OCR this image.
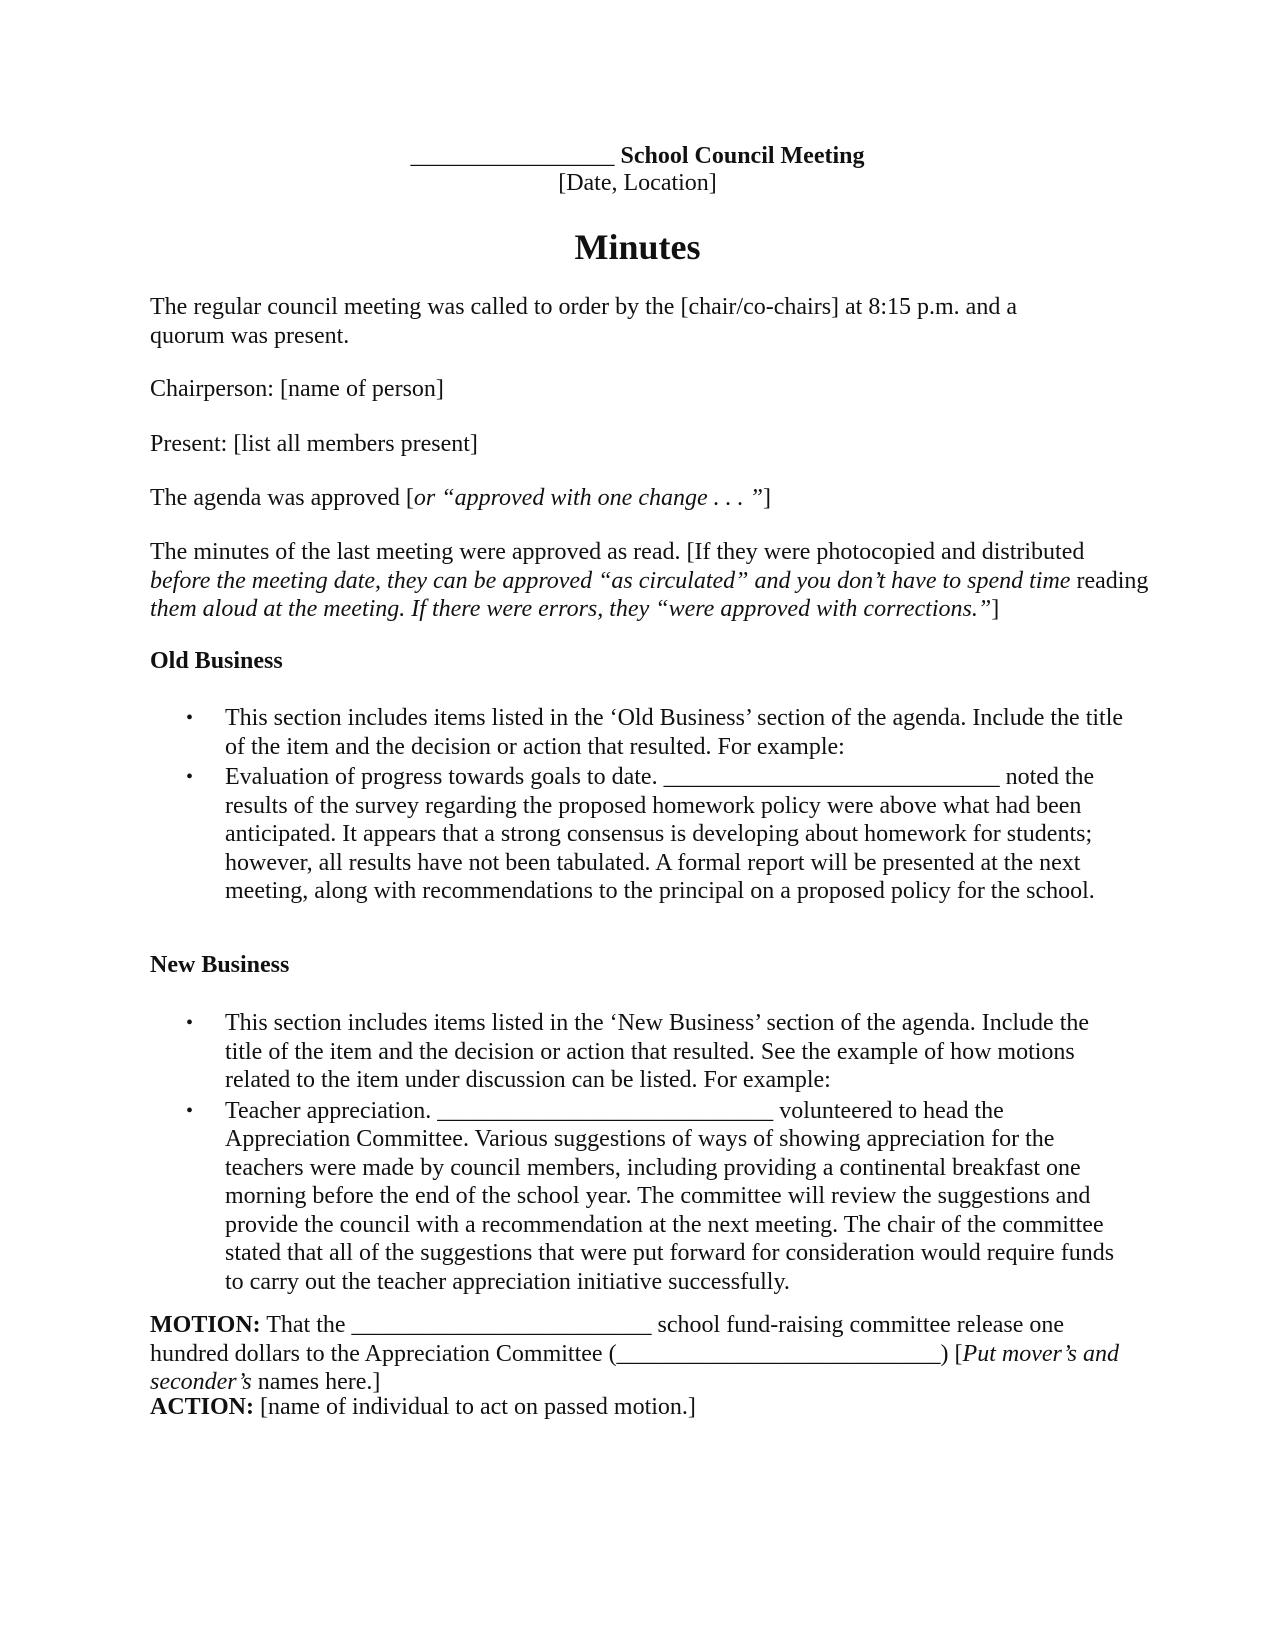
_________________ School Council Meeting

[Date, Location]

Minutes

The regular council meeting was called to order by the [chair/co-chairs] at 8:15 p.m. and a quorum was present.

Chairperson: [name of person]

Present: [list all members present]

The agenda was approved [or “approved with one change . . . ”]

The minutes of the last meeting were approved as read. [If they were photocopied and distributed before the meeting date, they can be approved “as circulated” and you don’t have to spend time reading them aloud at the meeting. If there were errors, they “were approved with corrections.”]

Old Business

• This section includes items listed in the ‘Old Business’ section of the agenda. Include the title of the item and the decision or action that resulted. For example:
• Evaluation of progress towards goals to date. ____________________________ noted the results of the survey regarding the proposed homework policy were above what had been anticipated. It appears that a strong consensus is developing about homework for students; however, all results have not been tabulated. A formal report will be presented at the next meeting, along with recommendations to the principal on a proposed policy for the school.

New Business

• This section includes items listed in the ‘New Business’ section of the agenda. Include the title of the item and the decision or action that resulted. See the example of how motions related to the item under discussion can be listed. For example:
• Teacher appreciation. ____________________________ volunteered to head the Appreciation Committee. Various suggestions of ways of showing appreciation for the teachers were made by council members, including providing a continental breakfast one morning before the end of the school year. The committee will review the suggestions and provide the council with a recommendation at the next meeting. The chair of the committee stated that all of the suggestions that were put forward for consideration would require funds to carry out the teacher appreciation initiative successfully.

MOTION: That the _________________________ school fund-raising committee release one hundred dollars to the Appreciation Committee (___________________________) [Put mover’s and seconder’s names here.]

ACTION: [name of individual to act on passed motion.]
